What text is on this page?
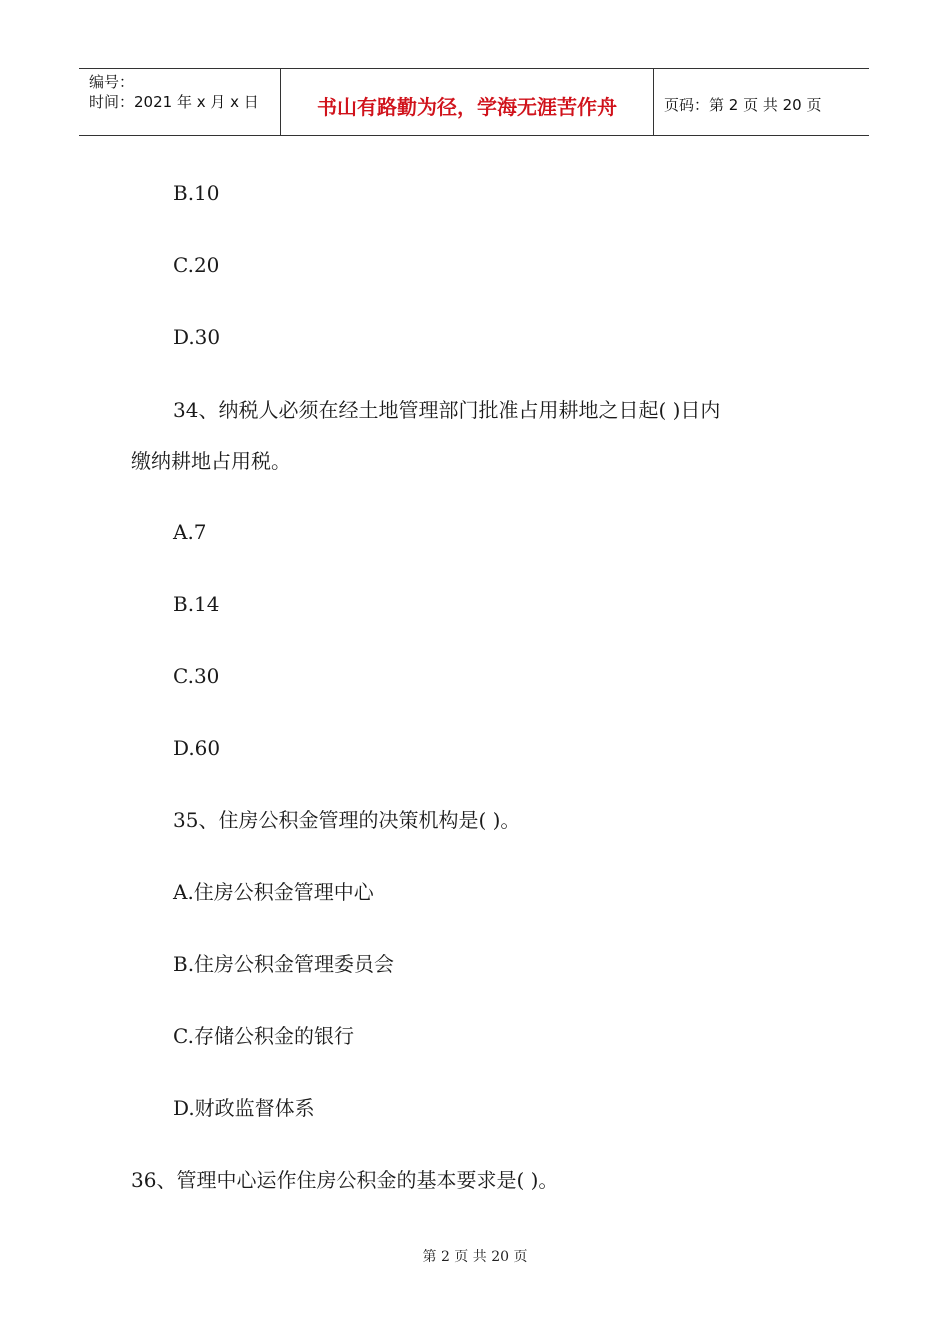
编号：
时间：2021 年 x 月 x 日	书山有路勤为径，学海无涯苦作舟	页码：第 2 页 共 20 页
B.10
C.20
D.30
34、纳税人必须在经土地管理部门批准占用耕地之日起( )日内
缴纳耕地占用税。
A.7
B.14
C.30
D.60
35、住房公积金管理的决策机构是( )。
A.住房公积金管理中心
B.住房公积金管理委员会
C.存储公积金的银行
D.财政监督体系
36、管理中心运作住房公积金的基本要求是( )。
第 2 页 共 20 页
